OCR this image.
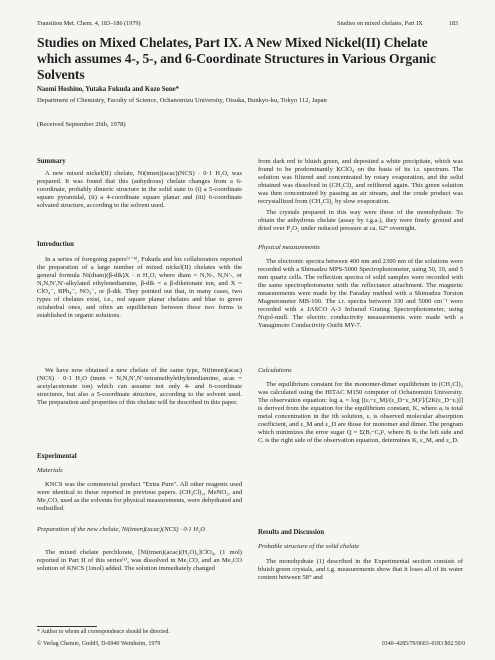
Transition Met. Chem. 4, 183–186 (1979)	Studies on mixed chelates, Part IX	183
Studies on Mixed Chelates, Part IX. A New Mixed Nickel(II) Chelate which assumes 4-, 5-, and 6-Coordinate Structures in Various Organic Solvents
Naomi Hoshino, Yutaka Fukuda and Kozo Sone*
Department of Chemistry, Faculty of Science, Ochanomizu University, Otsuka, Bunkyo-ku, Tokyo 112, Japan
(Received September 26th, 1978)
Summary
A new mixed nickel(II) chelate, Ni(tmen)(acac)(NCS) · 0·1 H₂O, was prepared. It was found that this (anhydrous) chelate changes from a 6-coordinate, probably dimeric structure in the solid state to (i) a 5-coordinate square pyramidal, (ii) a 4-coordinate square planar and (iii) 6-coordinate solvated structure, according to the solvent used.
Introduction
In a series of foregoing papers⁽¹⁻⁴⁾, Fukuda and his collaborators reported the preparation of a large number of mixed nickel(II) chelates with the general formula Ni(diam)(β-dik)X · n H₂O, where diam = N,N-, N,N′-, or N,N,N′,N′-alkylated ethylenediamine, β-dik = a β-diketonate ion, and X = ClO₄⁻, BPh₄⁻, NO₃⁻, or β-dik. They pointed out that, in many cases, two types of chelates exist, i.e., red square planar chelates and blue to green octahedral ones, and often an equilibrium between these two forms is established in organic solutions.
We have now obtained a new chelate of the same type, Ni(tmen)(acac)(NCS) · 0·1 H₂O (tmen = N,N,N′,N′-tetramethylethylenediamine, acac = acetylacetonate ion) which can assume not only 4- and 6-coordinate structures, but also a 5-coordinate structure, according to the solvent used. The preparation and properties of this chelate will be described in this paper.
Experimental
Materials
KNCS was the commercial product "Extra Pure". All other reagents used were identical to those reported in previous papers. (CH₃Cl)₂, MeNO₂, and Me₂CO, used as the solvents for physical measurements, were dehydrated and redistilled.
Preparation of the new chelate, Ni(tmen)(acac)(NCS) · 0·1 H₂O
The mixed chelate perchlorate, [Ni(tmen)(acac)(H₂O)₂]ClO₄, (1 mol) reported in Part II of this series⁽¹⁾, was dissolved in Me₂CO, and an Me₂CO solution of KNCS (1mol) added. The solution immediately changed
* Author to whom all correspondence should be directed.
from dark red to bluish green, and deposited a white precipitate, which was found to be predominantly KClO₄ on the basis of its i.r. spectrum. The solution was filtered and concentrated by rotary evaporation, and the solid obtained was dissolved in (CH₂Cl)₂ and refiltered again. This green solution was then concentrated by passing an air stream, and the crude product was recrystallized from (CH₂Cl)₂ by slow evaporation.
The crystals prepared in this way were those of the monohydrate. To obtain the anhydrous chelate (assay by t.g.a.), they were finely ground and dried over P₂O₅ under reduced pressure at ca. 62° overnight.
Physical measurements
The electronic spectra between 400 nm and 2300 nm of the solutions were recorded with a Shimadzu MPS-5000 Spectrophotometer, using 50, 10, and 5 mm quartz cells. The reflection spectra of solid samples were recorded with the same spectrophotometer with the reflectance attachment. The magnetic measurements were made by the Faraday method with a Shimadzu Torsion Magnetometer MB-100. The i.r. spectra between 330 and 5000 cm⁻¹ were recorded with a JASCO A-3 Infrared Grating Spectrophotometer, using Nujol-mull. The electric conductivity measurements were made with a Yanagimoto Conductivity Outfit MY-7.
Calculations
The equilibrium constant for the monomer-dimer equilibrium in (CH₂Cl)₂ was calculated using the HITAC M150 computer of Ochanomizu University. The observation equation: log aᵢ = log [(εᵢ−ε_M)/(ε_D−ε_M)²]/[2K(ε_D−εᵢ)]] is derived from the equation for the equilibrium constant, K, where aᵢ is total metal concentration in the ith solution, εᵢ is observed molecular absorption coefficient, and ε_M and ε_D are those for monomer and dimer. The program which minimizes the error sugar Q = Σ(Bᵢ−Cᵢ)², where Bᵢ is the left side and Cᵢ is the right side of the observation equation, determines K, ε_M, and ε_D.
Results and Discussion
Probable structure of the solid chelate
The monohydrate (1) described in the Experimental section consists of bluish green crystals, and t.g. measurements show that it loses all of its water content between 58° and
© Verlag Chemie, GmbH, D-6940 Weinheim, 1979	0340–4285/79/0603–0183 $02.50/0
